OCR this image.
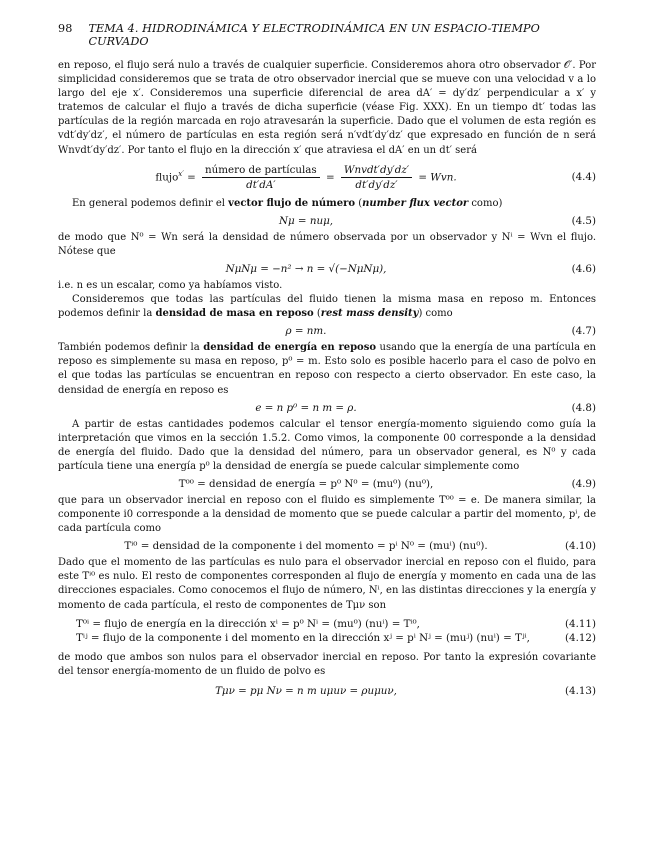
98 TEMA 4. HIDRODINÁMICA Y ELECTRODINÁMICA EN UN ESPACIO-TIEMPO CURVADO

en reposo, el flujo será nulo a través de cualquier superficie. Consideremos ahora otro observador 𝒪′. Por simplicidad consideremos que se trata de otro observador inercial que se mueve con una velocidad v a lo largo del eje x′. Consideremos una superficie diferencial de area dA′ = dy′dz′ perpendicular a x′ y tratemos de calcular el flujo a través de dicha superficie (véase Fig. XXX). En un tiempo dt′ todas las partículas de la región marcada en rojo atravesarán la superficie. Dado que el volumen de esta región es vdt′dy′dz′, el número de partículas en esta región será n′vdt′dy′dz′ que expresado en función de n será Wnvdt′dy′dz′. Por tanto el flujo en la dirección x′ que atraviesa el dA′ en un dt′ será

flujo$^{x'}$ = $\frac{\text{número de partículas}}{dt'dA'} = \frac{\text{Wnvdt′dy′dz′}}{dt'dy'dz'}$ = Wvn.	(4.4)

En general podemos definir el vector flujo de número (number flux vector como)

Nμ = nuμ,	(4.5)

de modo que N⁰ = Wn será la densidad de número observada por un observador y Nⁱ = Wvn el flujo. Nótese que

NμNμ = −n² → n = √(−NμNμ),	(4.6)

i.e. n es un escalar, como ya habíamos visto.

Consideremos que todas las partículas del fluido tienen la misma masa en reposo m. Entonces podemos definir la densidad de masa en reposo (rest mass density) como

ρ = nm.	(4.7)

También podemos definir la densidad de energía en reposo usando que la energía de una partícula en reposo es simplemente su masa en reposo, p⁰ = m. Esto solo es posible hacerlo para el caso de polvo en el que todas las partículas se encuentran en reposo con respecto a cierto observador. En este caso, la densidad de energía en reposo es

e = n p⁰ = n m = ρ.	(4.8)

A partir de estas cantidades podemos calcular el tensor energía-momento siguiendo como guía la interpretación que vimos en la sección 1.5.2. Como vimos, la componente 00 corresponde a la densidad de energía del fluido. Dado que la densidad del número, para un observador general, es N⁰ y cada partícula tiene una energía p⁰ la densidad de energía se puede calcular simplemente como

T⁰⁰ = densidad de energía = p⁰ N⁰ = (mu⁰) (nu⁰),	(4.9)

que para un observador inercial en reposo con el fluido es simplemente T⁰⁰ = e. De manera similar, la componente i0 corresponde a la densidad de momento que se puede calcular a partir del momento, pⁱ, de cada partícula como

Tⁱ⁰ = densidad de la componente i del momento = pⁱ N⁰ = (muⁱ) (nu⁰).	(4.10)

Dado que el momento de las partículas es nulo para el observador inercial en reposo con el fluido, para este Tⁱ⁰ es nulo. El resto de componentes corresponden al flujo de energía y momento en cada una de las direcciones espaciales. Como conocemos el flujo de número, Nⁱ, en las distintas direcciones y la energía y momento de cada partícula, el resto de componentes de Tμν son

T⁰ⁱ = flujo de energía en la dirección xⁱ = p⁰ Nⁱ = (mu⁰) (nuⁱ) = Tⁱ⁰,	(4.11)
Tⁱʲ = flujo de la componente i del momento en la dirección xʲ = pⁱ Nʲ = (muʲ) (nuⁱ) = Tʲⁱ,	(4.12)

de modo que ambos son nulos para el observador inercial en reposo. Por tanto la expresión covariante del tensor energía-momento de un fluido de polvo es

Tμν = pμ Nν = n m uμuν = ρuμuν,	(4.13)
